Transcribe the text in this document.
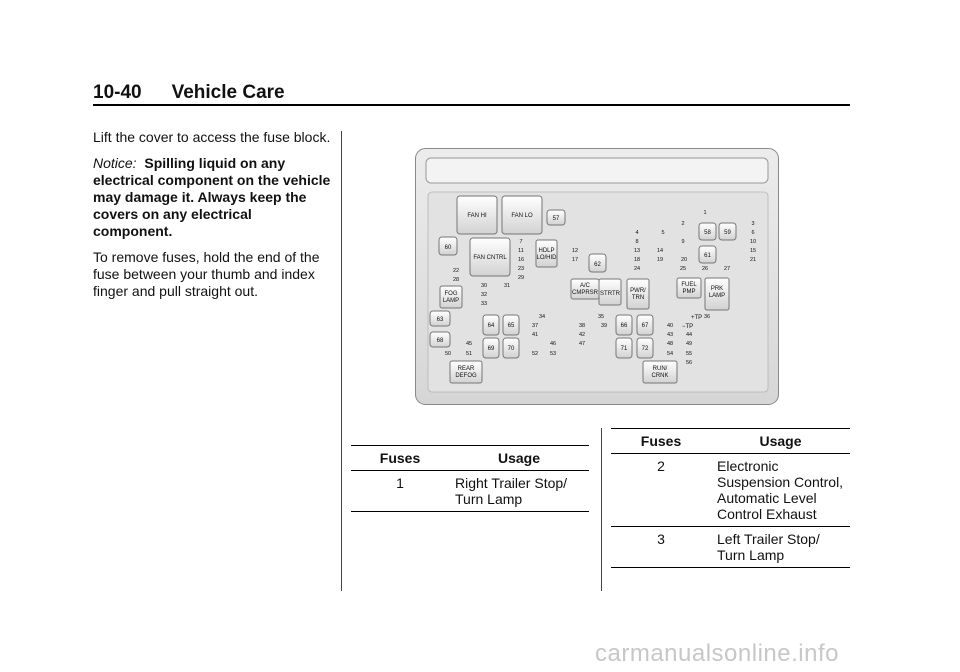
10-40 Vehicle Care

Lift the cover to access the fuse block.

Notice: Spilling liquid on any electrical component on the vehicle may damage it. Always keep the covers on any electrical component.

To remove fuses, hold the end of the fuse between your thumb and index finger and pull straight out.

FAN HI	FAN LO
FAN CNTRL
HDLP
LO/HID
FOG
LAMP
A/C
CMPRSR STRTR PWR/
TRN
FUEL
PMP	PRK
LAMP
REAR
DEFOG
RUN/
CRNK
57
58 59
60
61
62
63
68
64 65
69 70
66 67
71 72
+TP
−TP
1
2	3
4	5	6
7	8	9	10
11	12	13	14	15
16	17	18	19	20	21
22	23	24	25	26	27
28	29
30	31
32
33
34	35	36
37	38	39	40
41	42	43 44
45	46	47	48 49
50	51	52 53	54 55
56
Fuses	Usage
1	Right Trailer Stop/ Turn Lamp
Fuses	Usage
2	Electronic Suspension Control, Automatic Level Control Exhaust
3	Left Trailer Stop/ Turn Lamp
carmanualsonline.info
